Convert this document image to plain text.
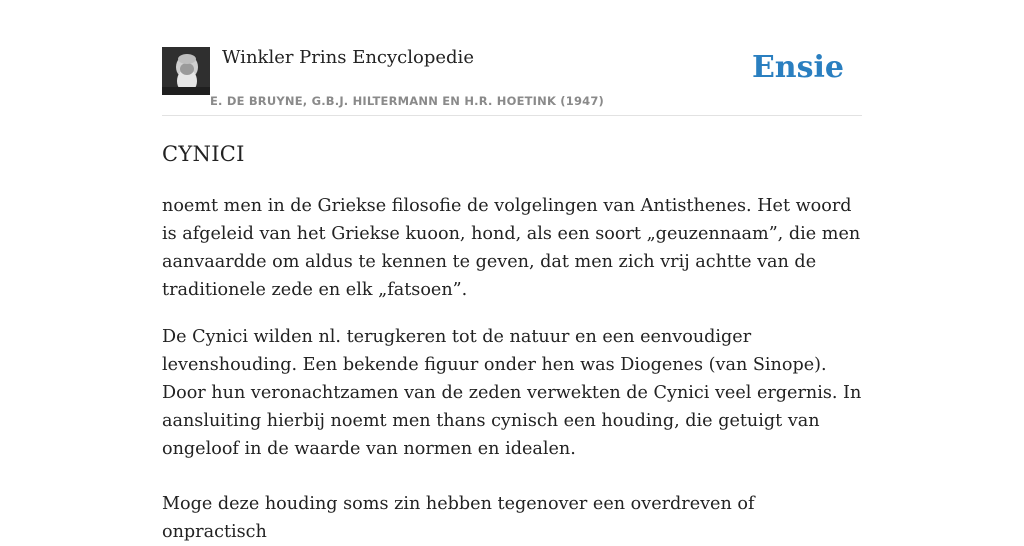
Winkler Prins Encyclopedie
E. DE BRUYNE, G.B.J. HILTERMANN EN H.R. HOETINK (1947)
Ensie
CYNICI

noemt men in de Griekse filosofie de volgelingen van Antisthenes. Het woord is afgeleid van het Griekse kuoon, hond, als een soort „geuzennaam”, die men aanvaardde om aldus te kennen te geven, dat men zich vrij achtte van de traditionele zede en elk „fatsoen”.

De Cynici wilden nl. terugkeren tot de natuur en een eenvoudiger levenshouding. Een bekende figuur onder hen was Diogenes (van Sinope). Door hun veronachtzamen van de zeden verwekten de Cynici veel ergernis. In aansluiting hierbij noemt men thans cynisch een houding, die getuigt van ongeloof in de waarde van normen en idealen.

Moge deze houding soms zin hebben tegenover een overdreven of onpractisch
